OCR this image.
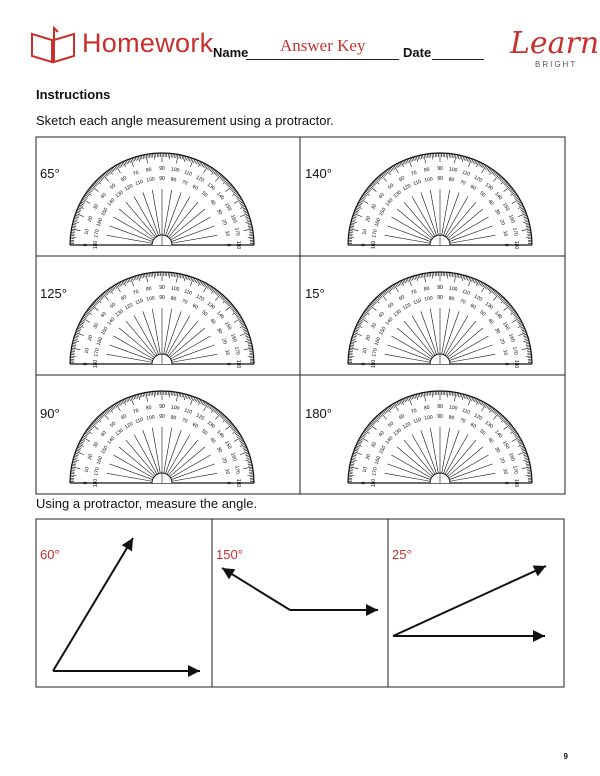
Homework Name Answer Key	Date	Learn
BRIGHT
Instructions
Sketch each angle measurement using a protractor.
65°	140°
125°	15°
90°	180°
0
10
20
30
40
50
60
70 80 90 100 110
120
130
140
150
160
170
180
180
170
160
150
140
130
120
110 100 90 80 70
60
50
40
30
20
10
0	0
10
20
30
40
50
60
70 80 90 100 110
120
130
140
150
160
170
180
180
170
160
150
140
130
120
110 100 90 80 70
60
50
40
30
20
10
0
0
10
20
30
40
50
60
70 80 90 100 110
120
130
140
150
160
170
180
180
170
160
150
140
130
120
110 100 90 80 70
60
50
40
30
20
10
0	0
10
20
30
40
50
60
70 80 90 100 110
120
130
140
150
160
170
180
180
170
160
150
140
130
120
110 100 90 80 70
60
50
40
30
20
10
0
0
10
20
30
40
50
60
70 80 90 100 110
120
130
140
150
160
170
180
180
170
160
150
140
130
120
110 100 90 80 70
60
50
40
30
20
10
0	0
10
20
30
40
50
60
70 80 90 100 110
120
130
140
150
160
170
180
180
170
160
150
140
130
120
110 100 90 80 70
60
50
40
30
20
10
0
Using a protractor, measure the angle.
60°	150°	25°
9
